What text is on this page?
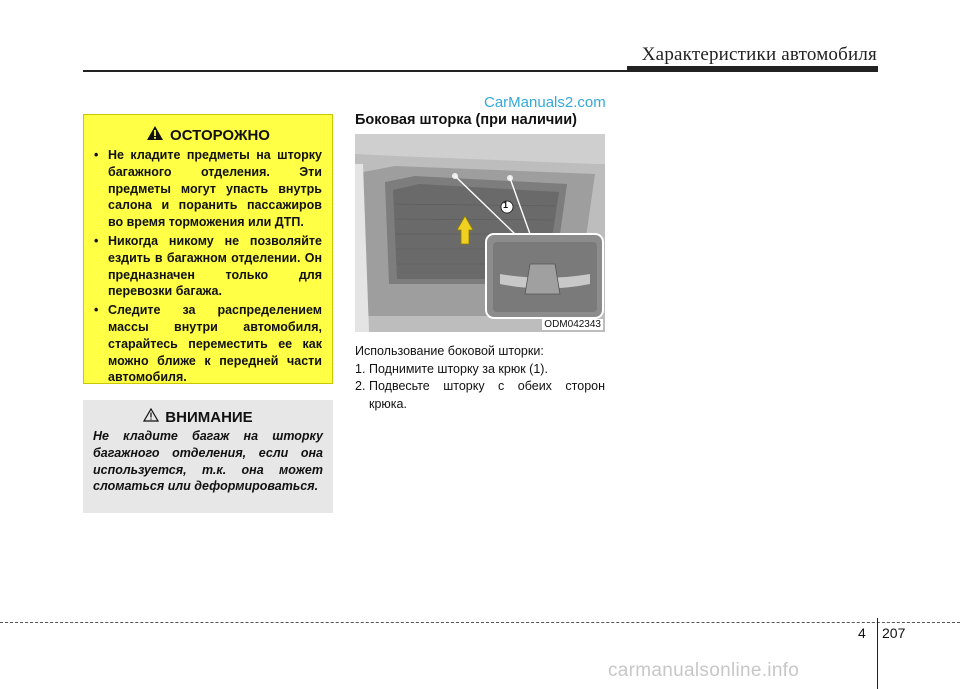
Характеристики автомобиля
CarManuals2.com
ОСТОРОЖНО
• Не кладите предметы на шторку багажного отделения. Эти предметы могут упасть внутрь салона и поранить пассажиров во время торможения или ДТП.
• Никогда никому не позволяйте ездить в багажном отделении. Он предназначен только для перевозки багажа.
• Следите за распределением массы внутри автомобиля, старайтесь переместить ее как можно ближе к передней части автомобиля.
ВНИМАНИЕ
Не кладите багаж на шторку багажного отделения, если она используется, т.к. она может сломаться или деформироваться.
Боковая шторка (при наличии)
1
ODM042343

Использование боковой шторки:

1. Поднимите шторку за крюк (1).
2. Подвесьте шторку с обеих сторон крюка.
4 207
carmanualsonline.info
